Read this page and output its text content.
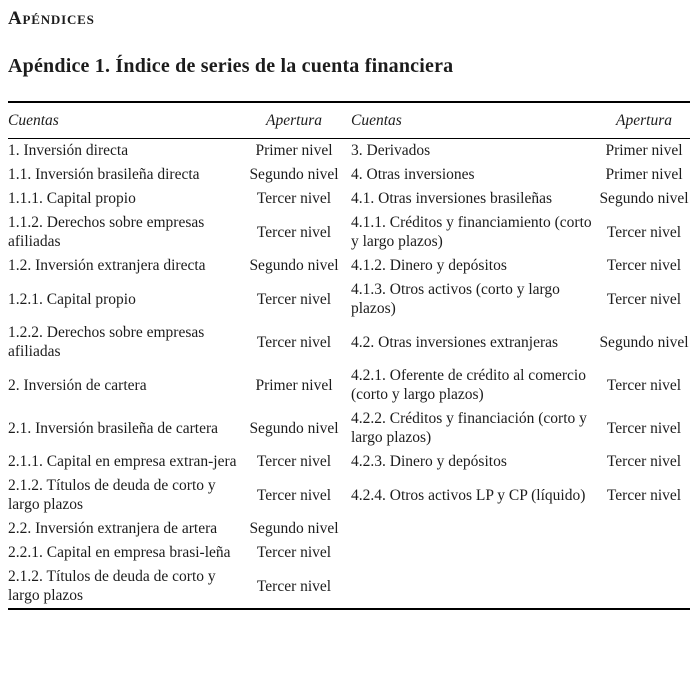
Apéndices
Apéndice 1. Índice de series de la cuenta financiera
Cuentas	Apertura	Cuentas	Apertura
1. Inversión directa	Primer nivel	3. Derivados	Primer nivel
1.1. Inversión brasileña directa	Segundo nivel	4. Otras inversiones	Primer nivel
1.1.1. Capital propio	Tercer nivel	4.1. Otras inversiones brasileñas	Segundo nivel
1.1.2. Derechos sobre empresas afiliadas	Tercer nivel	4.1.1. Créditos y financiamiento (corto y largo plazos)	Tercer nivel
1.2. Inversión extranjera directa	Segundo nivel	4.1.2. Dinero y depósitos	Tercer nivel
1.2.1. Capital propio	Tercer nivel	4.1.3. Otros activos (corto y largo plazos)	Tercer nivel
1.2.2. Derechos sobre empresas afiliadas	Tercer nivel	4.2. Otras inversiones extranjeras	Segundo nivel
2. Inversión de cartera	Primer nivel	4.2.1. Oferente de crédito al comercio (corto y largo plazos)	Tercer nivel
2.1. Inversión brasileña de cartera	Segundo nivel	4.2.2. Créditos y financiación (corto y largo plazos)	Tercer nivel
2.1.1. Capital en empresa extran-jera	Tercer nivel	4.2.3. Dinero y depósitos	Tercer nivel
2.1.2. Títulos de deuda de corto y largo plazos	Tercer nivel	4.2.4. Otros activos LP y CP (líquido)	Tercer nivel
2.2. Inversión extranjera de artera	Segundo nivel		
2.2.1. Capital en empresa brasi-leña	Tercer nivel		
2.1.2. Títulos de deuda de corto y largo plazos	Tercer nivel		
